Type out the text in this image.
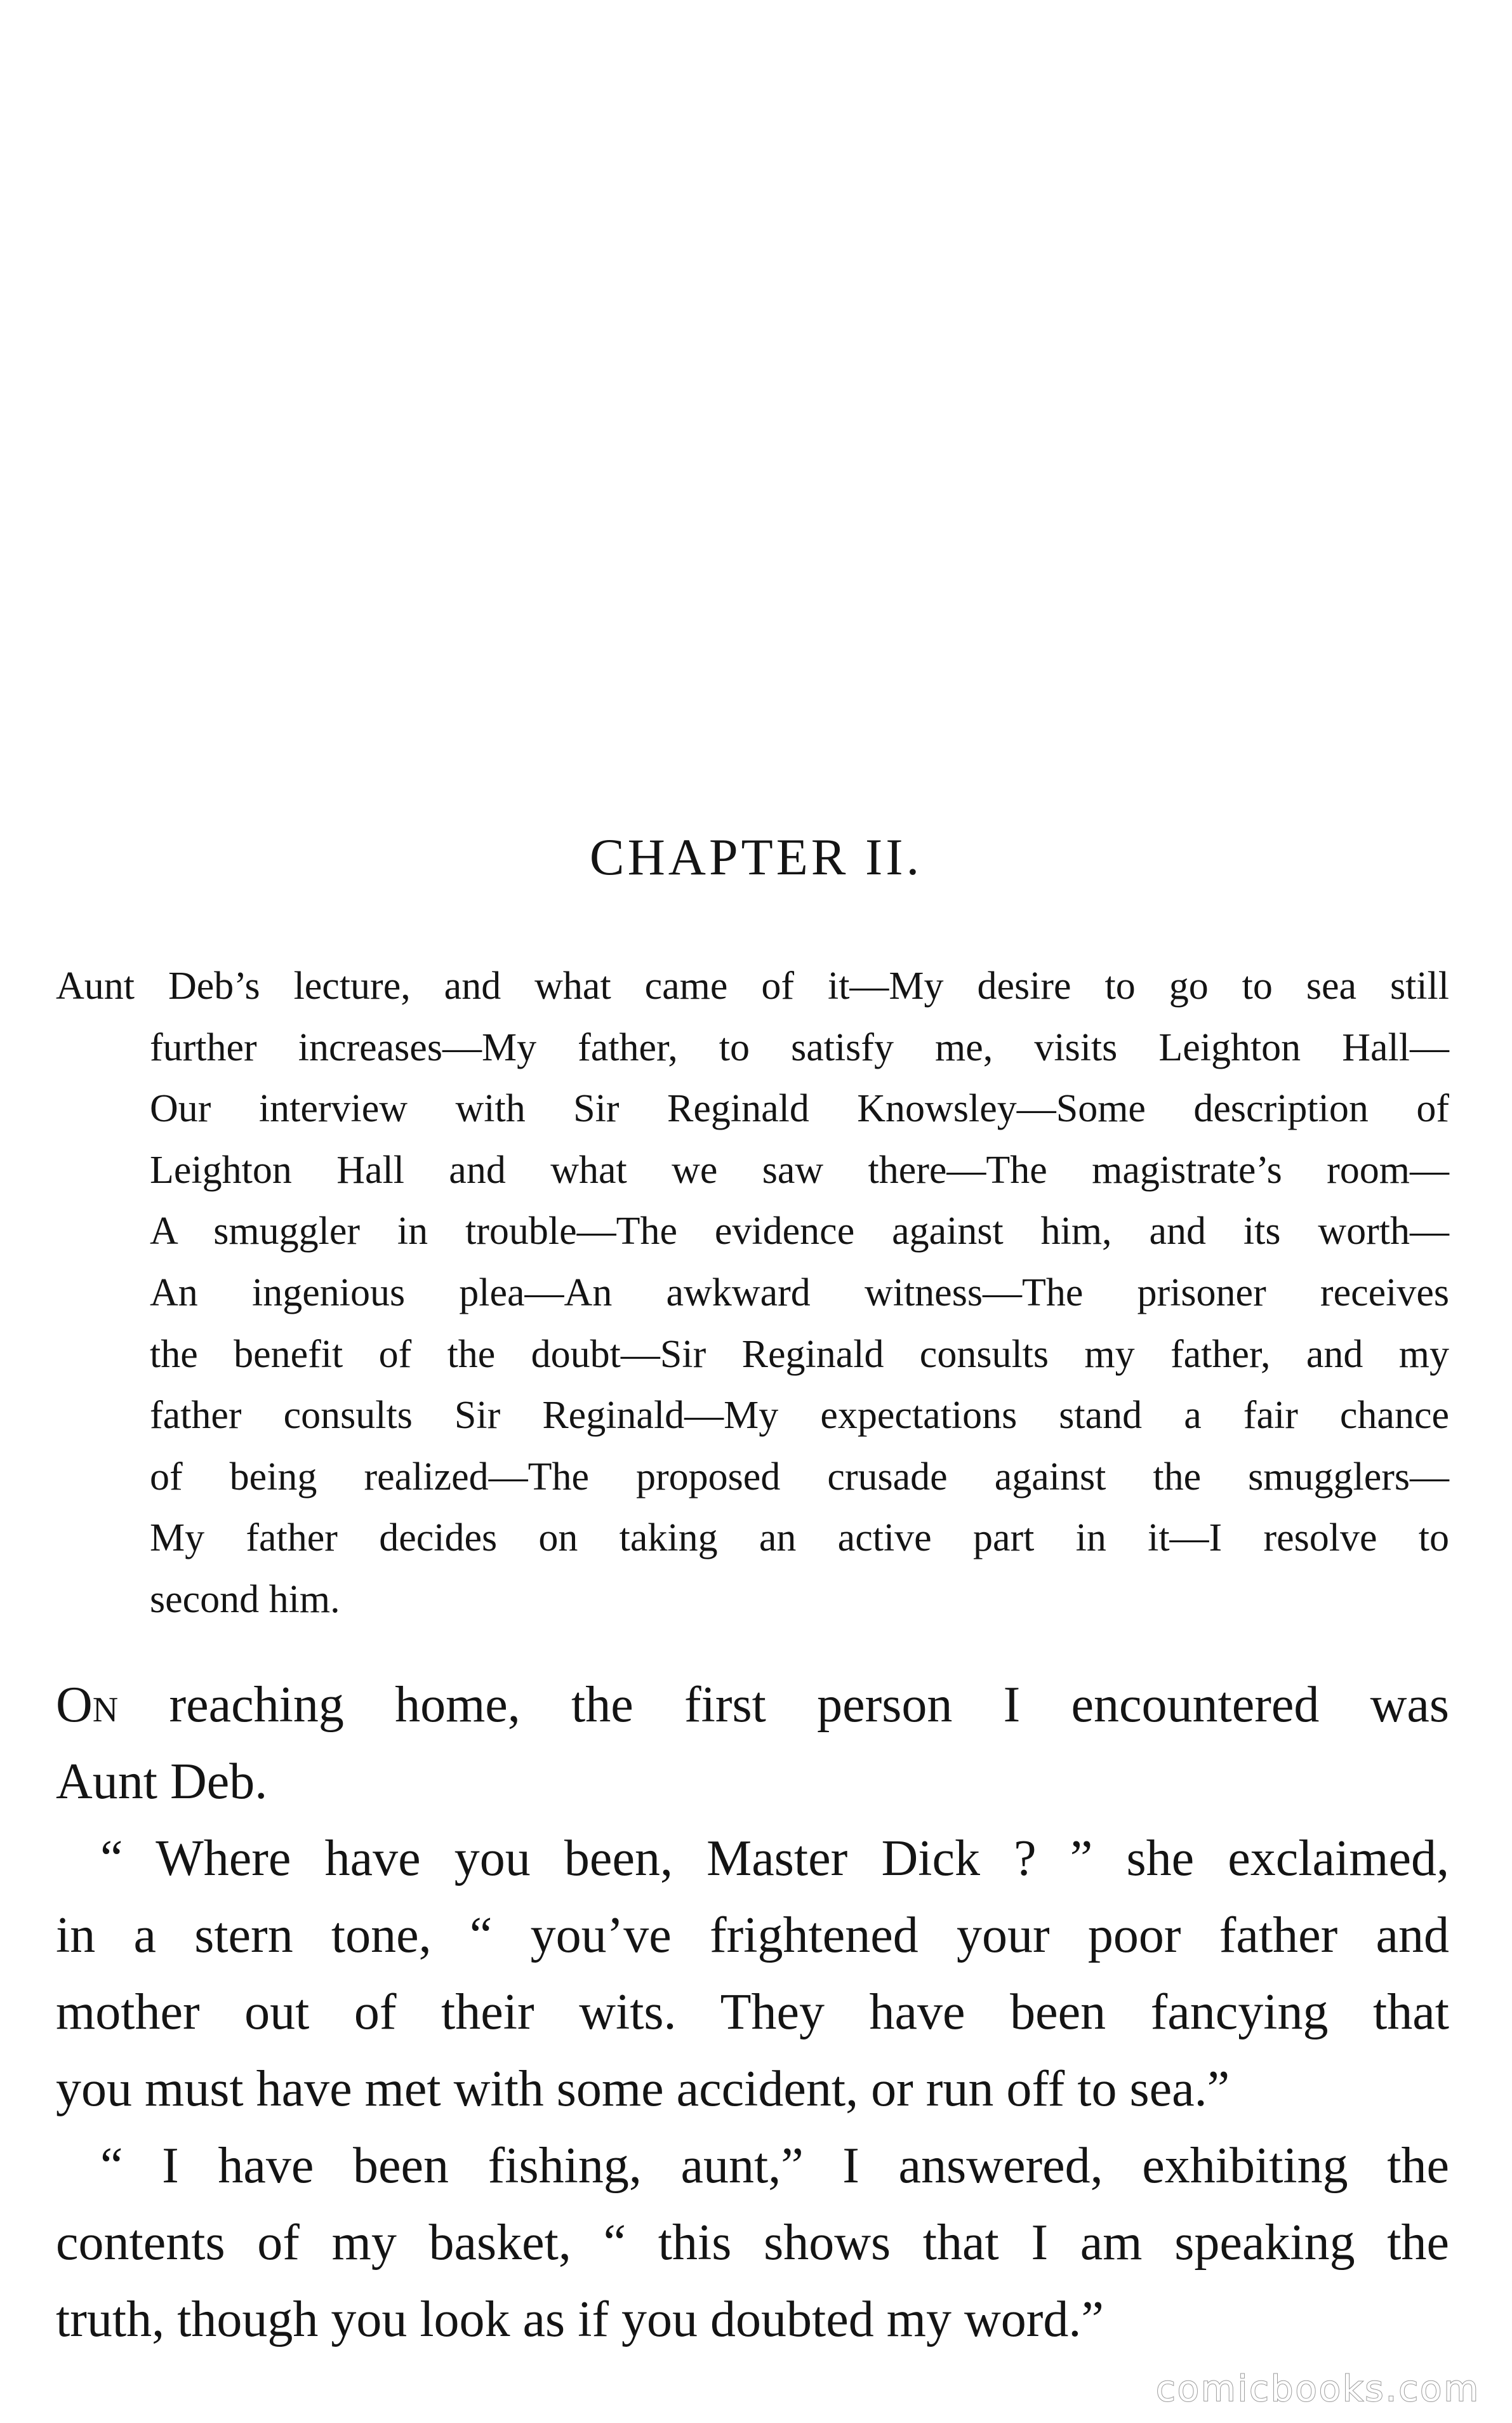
CHAPTER II.
Aunt Deb’s lecture, and what came of it—My desire to go to sea still
further increases—My father, to satisfy me, visits Leighton Hall—
Our interview with Sir Reginald Knowsley—Some description of
Leighton Hall and what we saw there—The magistrate’s room—
A smuggler in trouble—The evidence against him, and its worth—
An ingenious plea—An awkward witness—The prisoner receives
the benefit of the doubt—Sir Reginald consults my father, and my
father consults Sir Reginald—My expectations stand a fair chance
of being realized—The proposed crusade against the smugglers—
My father decides on taking an active part in it—I resolve to
second him.
On reaching home, the first person I encountered was
Aunt Deb.
“ Where have you been, Master Dick ? ” she exclaimed,
in a stern tone, “ you’ve frightened your poor father and
mother out of their wits. They have been fancying that
you must have met with some accident, or run off to sea.”
“ I have been fishing, aunt,” I answered, exhibiting the
contents of my basket, “ this shows that I am speaking the
truth, though you look as if you doubted my word.”
comicbooks.com
